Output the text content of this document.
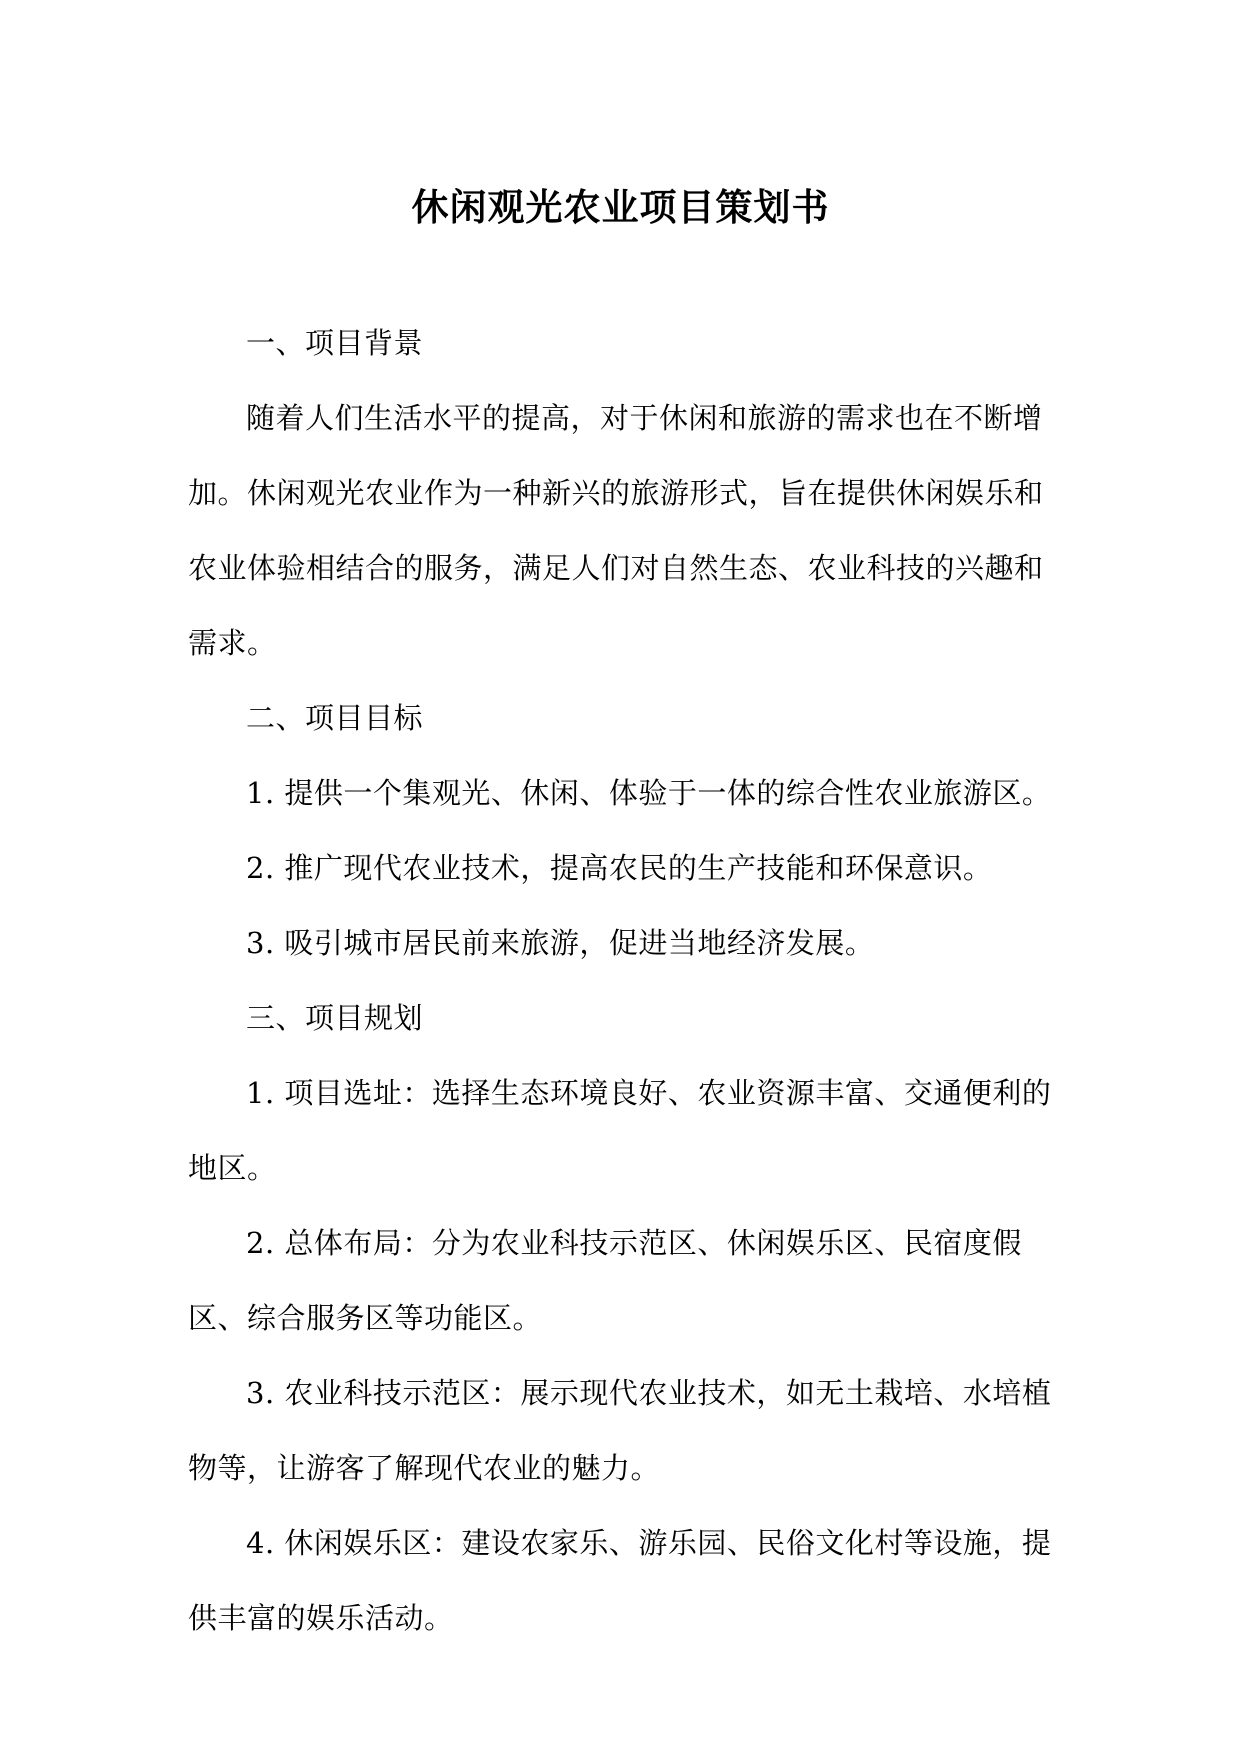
休闲观光农业项目策划书

一、项目背景

随着人们生活水平的提高，对于休闲和旅游的需求也在不断增加。休闲观光农业作为一种新兴的旅游形式，旨在提供休闲娱乐和农业体验相结合的服务，满足人们对自然生态、农业科技的兴趣和需求。

二、项目目标

1. 提供一个集观光、休闲、体验于一体的综合性农业旅游区。

2. 推广现代农业技术，提高农民的生产技能和环保意识。

3. 吸引城市居民前来旅游，促进当地经济发展。

三、项目规划

1. 项目选址：选择生态环境良好、农业资源丰富、交通便利的地区。

2. 总体布局：分为农业科技示范区、休闲娱乐区、民宿度假区、综合服务区等功能区。

3. 农业科技示范区：展示现代农业技术，如无土栽培、水培植物等，让游客了解现代农业的魅力。

4. 休闲娱乐区：建设农家乐、游乐园、民俗文化村等设施，提供丰富的娱乐活动。
